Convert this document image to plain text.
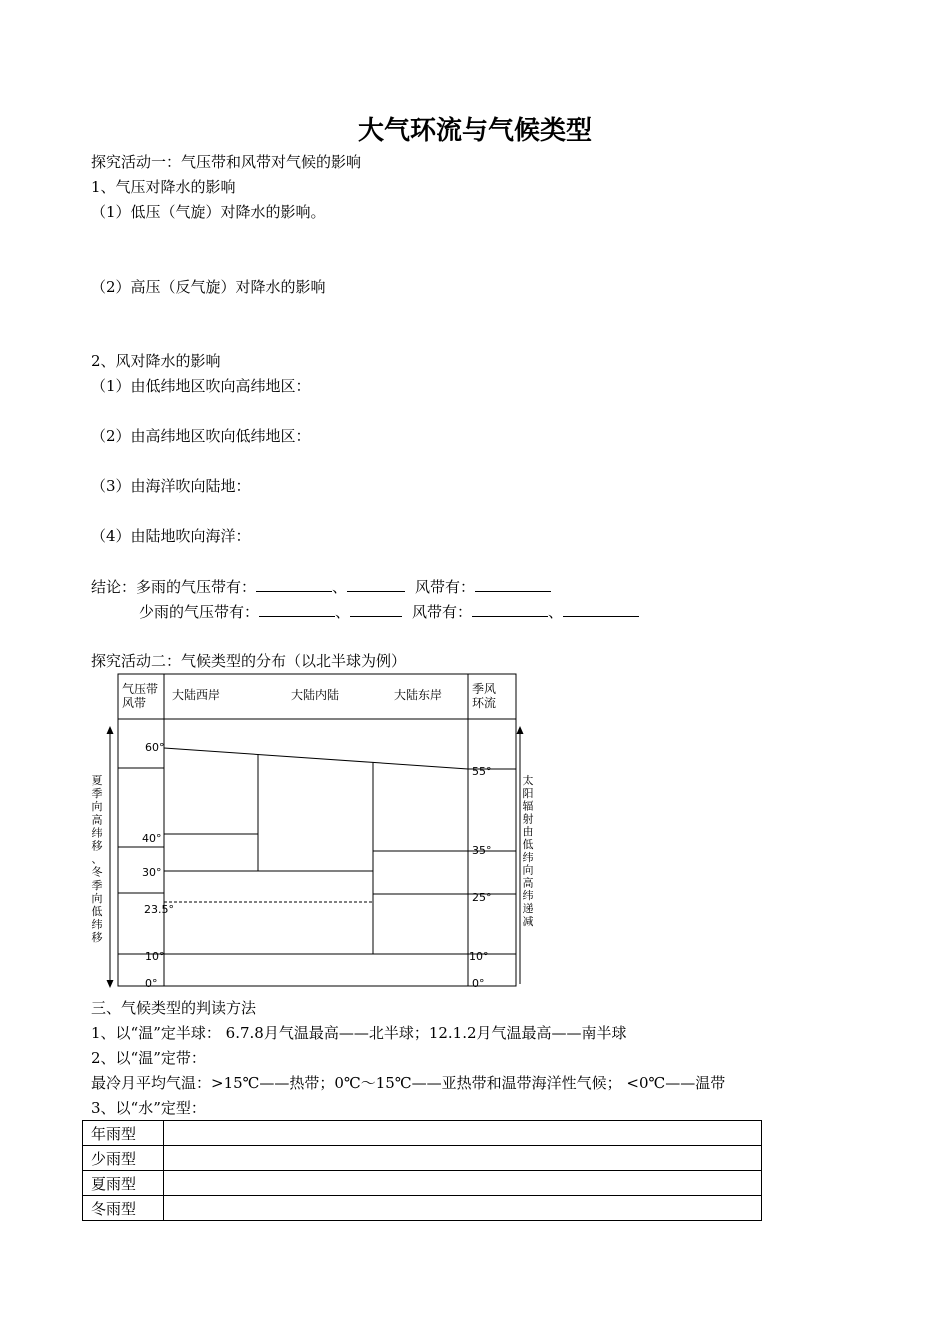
大气环流与气候类型
探究活动一：气压带和风带对气候的影响
1、气压对降水的影响
（1）低压（气旋）对降水的影响。
（2）高压（反气旋）对降水的影响
2、风对降水的影响
（1）由低纬地区吹向高纬地区：
（2）由高纬地区吹向低纬地区：
（3）由海洋吹向陆地：
（4）由陆地吹向海洋：
结论：多雨的气压带有：	、	风带有：
少雨的气压带有：	、	风带有：	、
探究活动二：气候类型的分布（以北半球为例）
气压带
风带
大陆西岸	大陆内陆	大陆东岸 季风
环流
60°
40°
30°
23.5°
10°
0°
55°
35°
25°
10°
0°
夏
季
向
高
纬
移
、
冬
季
向
低
纬
移
太
阳
辐
射
由
低
纬
向
高
纬
递
减
三、气候类型的判读方法
1、以“温”定半球： 6.7.8月气温最高——北半球；12.1.2月气温最高——南半球
2、以“温”定带：
最冷月平均气温：>15℃——热带；0℃～15℃——亚热带和温带海洋性气候； <0℃——温带
3、以“水”定型：
年雨型	
少雨型	
夏雨型	
冬雨型	
